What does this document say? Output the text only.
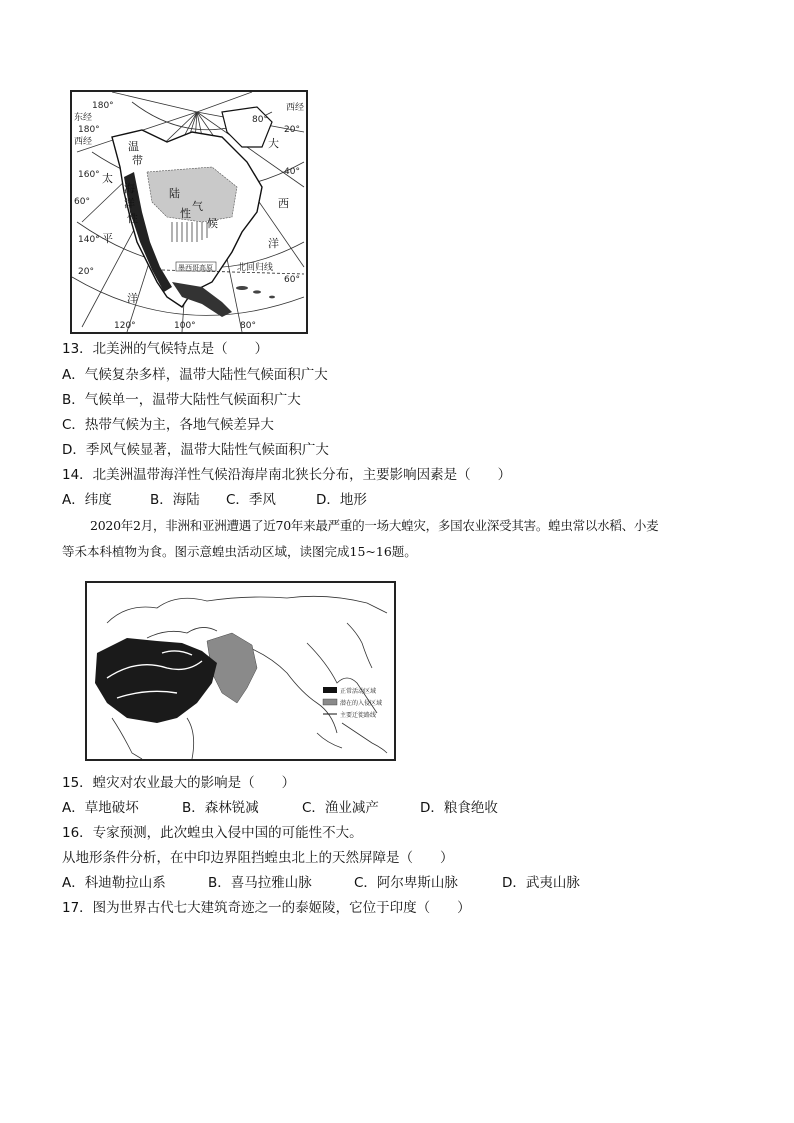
180°
180°
160°
140°
120°	100°	80°
60°
40°
20°
东经
西经
西经
60°
20°
80°
温
带
陆
性
气
候
海
洋
性
太
平
洋
大
西
洋
北回归线
墨西哥高原
13．北美洲的气候特点是（　　）
A．气候复杂多样，温带大陆性气候面积广大
B．气候单一，温带大陆性气候面积广大
C．热带气候为主，各地气候差异大
D．季风气候显著，温带大陆性气候面积广大
14．北美洲温带海洋性气候沿海岸南北狭长分布，主要影响因素是（　　）
A．纬度	B．海陆 C．季风	D．地形
2020年2月，非洲和亚洲遭遇了近70年来最严重的一场大蝗灾，多国农业深受其害。蝗虫常以水稻、小麦
等禾本科植物为食。图示意蝗虫活动区域，读图完成15~16题。
正常活动区域
潜在的入侵区域
主要迁徙路线
15．蝗灾对农业最大的影响是（　　）
A．草地破坏	B．森林锐减	C．渔业减产	D．粮食绝收
16．专家预测，此次蝗虫入侵中国的可能性不大。
从地形条件分析，在中印边界阻挡蝗虫北上的天然屏障是（　　）
A．科迪勒拉山系	B．喜马拉雅山脉	C．阿尔卑斯山脉	D．武夷山脉
17．图为世界古代七大建筑奇迹之一的泰姬陵，它位于印度（　　）
